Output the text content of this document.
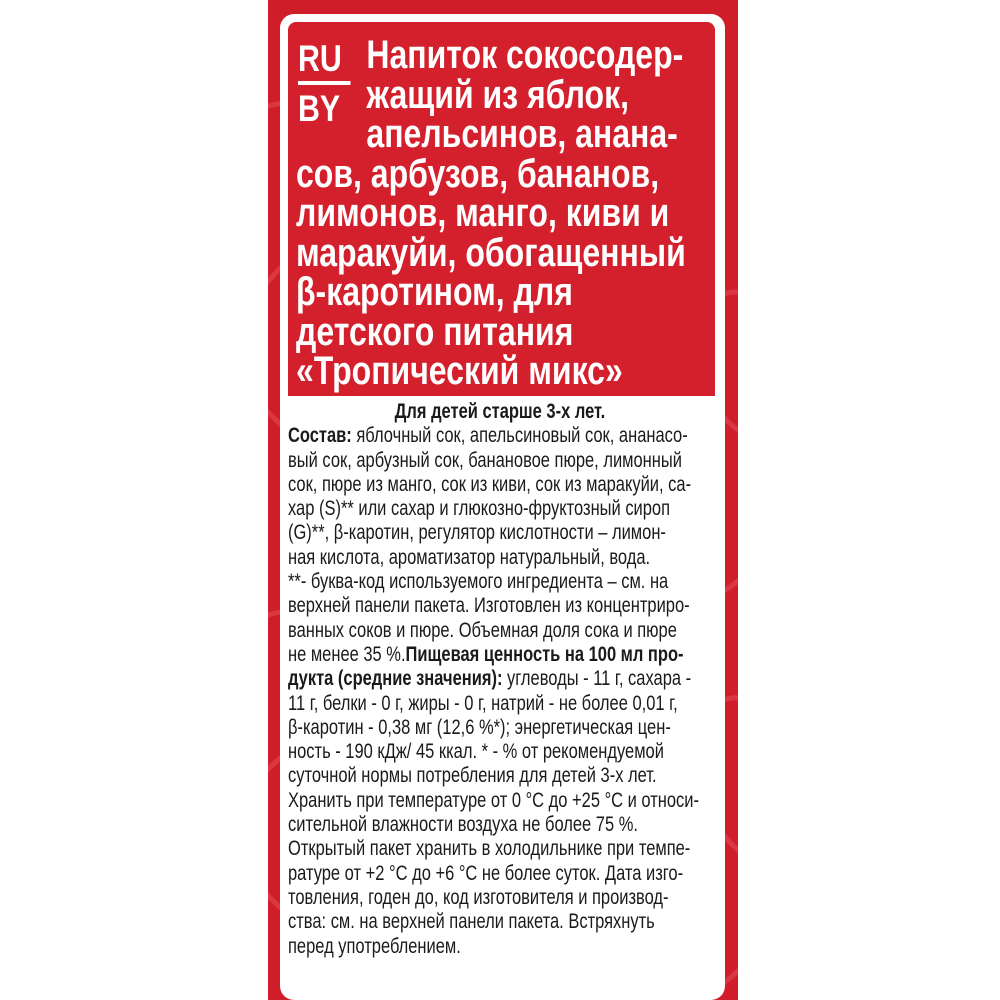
RU
BY
Напиток сокосодер-
жащий из яблок,
апельсинов, анана-
сов, арбузов, бананов,
лимонов, манго, киви и
маракуйи, обогащенный
β-каротином, для
детского питания
«Тропический микс»
Для детей старше 3-х лет.
Состав: яблочный сок, апельсиновый сок, ананасо-
вый сок, арбузный сок, банановое пюре, лимонный
сок, пюре из манго, сок из киви, сок из маракуйи, са-
хар (S)** или сахар и глюкозно-фруктозный сироп
(G)**, β-каротин, регулятор кислотности – лимон-
ная кислота, ароматизатор натуральный, вода.
**- буква-код используемого ингредиента – см. на
верхней панели пакета. Изготовлен из концентриро-
ванных соков и пюре. Объемная доля сока и пюре
не менее 35 %.Пищевая ценность на 100 мл про-
дукта (средние значения): углеводы - 11 г, сахара -
11 г, белки - 0 г, жиры - 0 г, натрий - не более 0,01 г,
β-каротин - 0,38 мг (12,6 %*); энергетическая цен-
ность - 190 кДж/ 45 ккал. * - % от рекомендуемой
суточной нормы потребления для детей 3-х лет.
Хранить при температуре от 0 °С до +25 °С и относи-
сительной влажности воздуха не более 75 %.
Открытый пакет хранить в холодильнике при темпе-
ратуре от +2 °С до +6 °С не более суток. Дата изго-
товления, годен до, код изготовителя и производ-
ства: см. на верхней панели пакета. Встряхнуть
перед употреблением.
